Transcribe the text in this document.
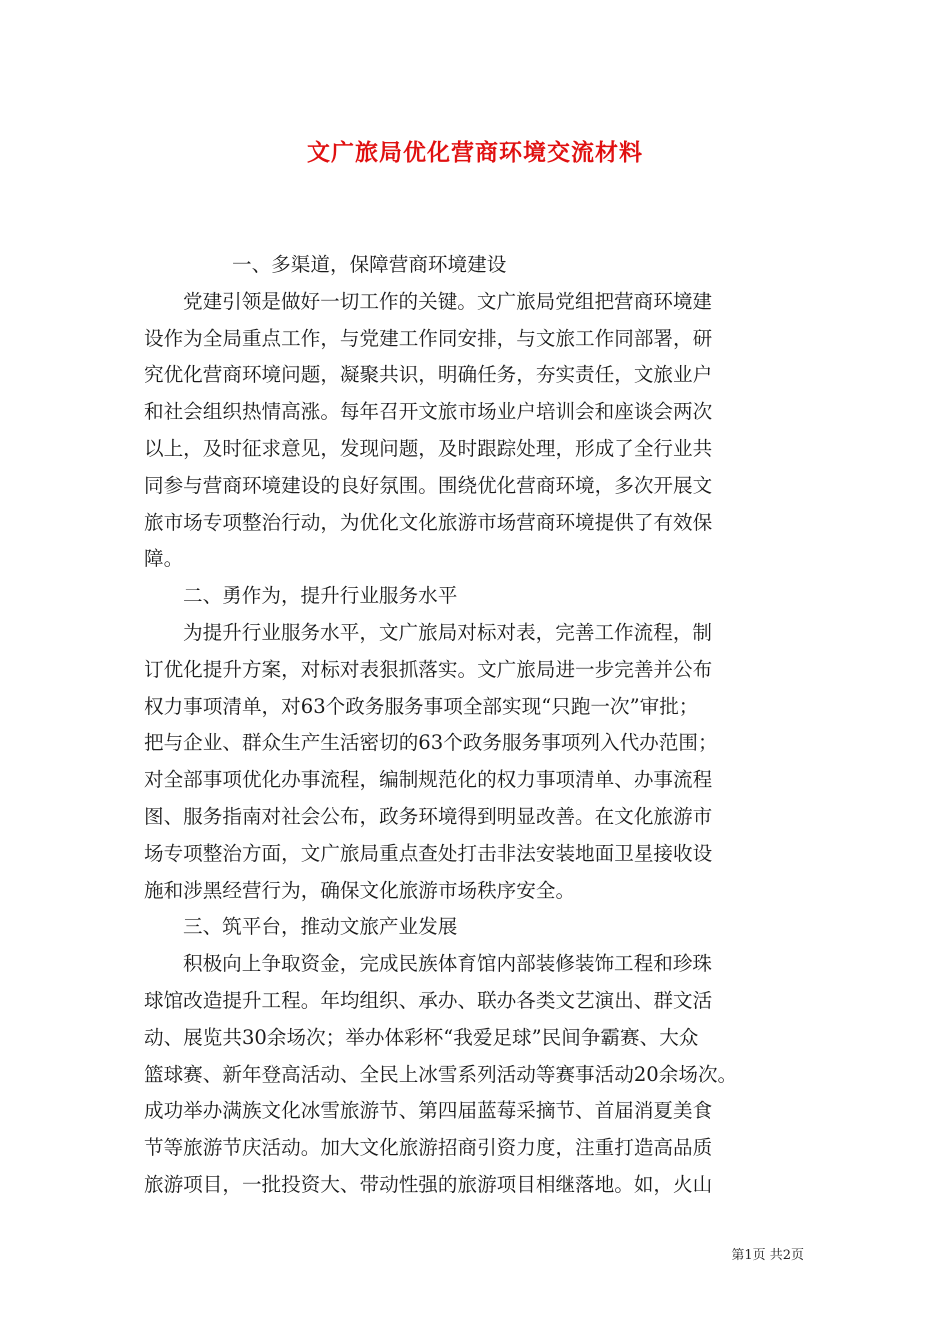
文广旅局优化营商环境交流材料
一、多渠道，保障营商环境建设
党建引领是做好一切工作的关键。文广旅局党组把营商环境建
设作为全局重点工作，与党建工作同安排，与文旅工作同部署，研
究优化营商环境问题，凝聚共识，明确任务，夯实责任，文旅业户
和社会组织热情高涨。每年召开文旅市场业户培训会和座谈会两次
以上，及时征求意见，发现问题，及时跟踪处理，形成了全行业共
同参与营商环境建设的良好氛围。围绕优化营商环境，多次开展文
旅市场专项整治行动，为优化文化旅游市场营商环境提供了有效保
障。
二、勇作为，提升行业服务水平
为提升行业服务水平，文广旅局对标对表，完善工作流程，制
订优化提升方案，对标对表狠抓落实。文广旅局进一步完善并公布
权力事项清单，对63个政务服务事项全部实现“只跑一次”审批；
把与企业、群众生产生活密切的63个政务服务事项列入代办范围；
对全部事项优化办事流程，编制规范化的权力事项清单、办事流程
图、服务指南对社会公布，政务环境得到明显改善。在文化旅游市
场专项整治方面，文广旅局重点查处打击非法安装地面卫星接收设
施和涉黑经营行为，确保文化旅游市场秩序安全。
三、筑平台，推动文旅产业发展
积极向上争取资金，完成民族体育馆内部装修装饰工程和珍珠
球馆改造提升工程。年均组织、承办、联办各类文艺演出、群文活
动、展览共30余场次；举办体彩杯“我爱足球”民间争霸赛、大众
篮球赛、新年登高活动、全民上冰雪系列活动等赛事活动20余场次。
成功举办满族文化冰雪旅游节、第四届蓝莓采摘节、首届消夏美食
节等旅游节庆活动。加大文化旅游招商引资力度，注重打造高品质
旅游项目，一批投资大、带动性强的旅游项目相继落地。如，火山
第1页 共2页
